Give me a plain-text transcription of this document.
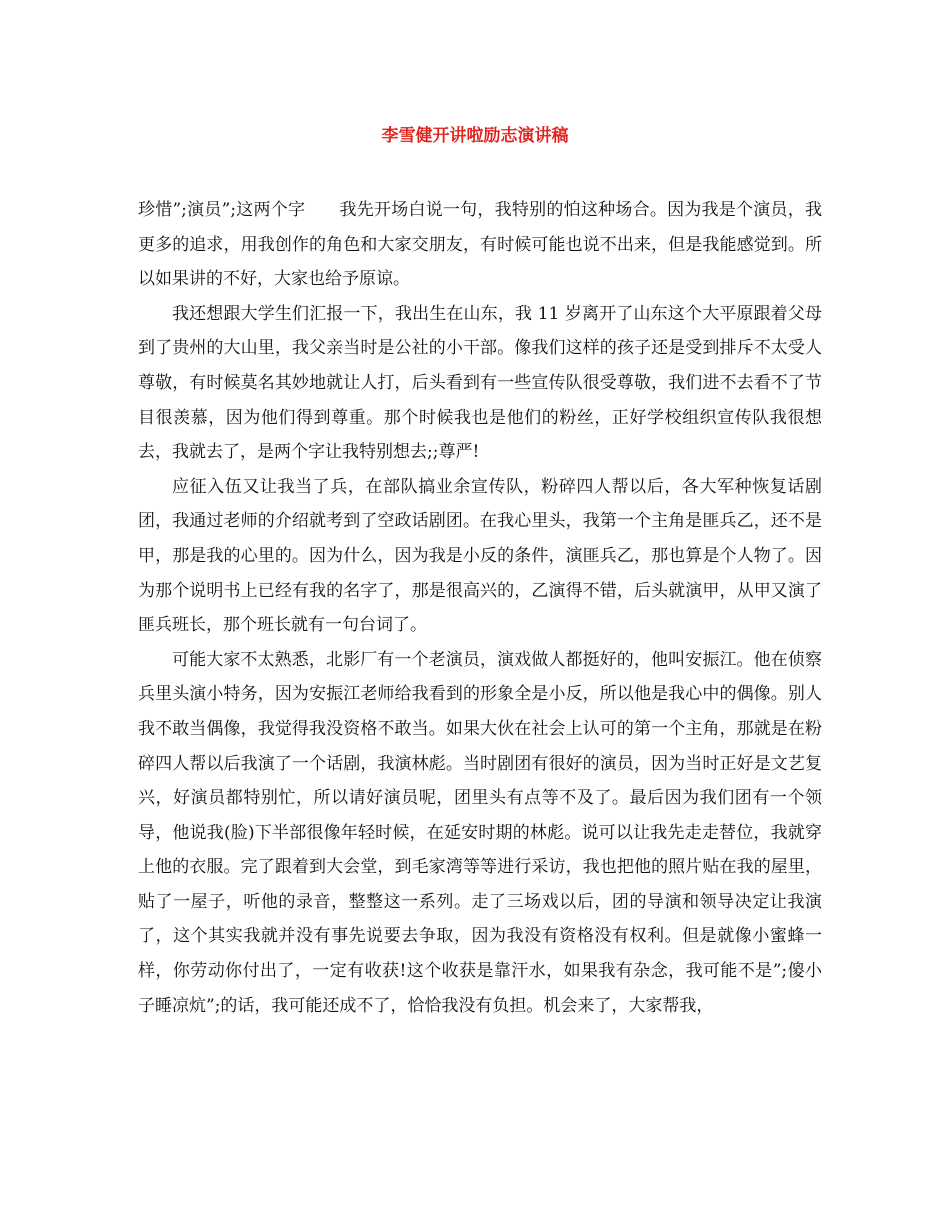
李雪健开讲啦励志演讲稿

珍惜”;演员”;这两个字 我先开场白说一句，我特别的怕这种场合。因为我是个演员，我更多的追求，用我创作的角色和大家交朋友，有时候可能也说不出来，但是我能感觉到。所以如果讲的不好，大家也给予原谅。

我还想跟大学生们汇报一下，我出生在山东，我 11 岁离开了山东这个大平原跟着父母到了贵州的大山里，我父亲当时是公社的小干部。像我们这样的孩子还是受到排斥不太受人尊敬，有时候莫名其妙地就让人打，后头看到有一些宣传队很受尊敬，我们进不去看不了节目很羡慕，因为他们得到尊重。那个时候我也是他们的粉丝，正好学校组织宣传队我很想去，我就去了，是两个字让我特别想去;;尊严!

应征入伍又让我当了兵，在部队搞业余宣传队，粉碎四人帮以后，各大军种恢复话剧团，我通过老师的介绍就考到了空政话剧团。在我心里头，我第一个主角是匪兵乙，还不是甲，那是我的心里的。因为什么，因为我是小反的条件，演匪兵乙，那也算是个人物了。因为那个说明书上已经有我的名字了，那是很高兴的，乙演得不错，后头就演甲，从甲又演了匪兵班长，那个班长就有一句台词了。

可能大家不太熟悉，北影厂有一个老演员，演戏做人都挺好的，他叫安振江。他在侦察兵里头演小特务，因为安振江老师给我看到的形象全是小反，所以他是我心中的偶像。别人我不敢当偶像，我觉得我没资格不敢当。如果大伙在社会上认可的第一个主角，那就是在粉碎四人帮以后我演了一个话剧，我演林彪。当时剧团有很好的演员，因为当时正好是文艺复兴，好演员都特别忙，所以请好演员呢，团里头有点等不及了。最后因为我们团有一个领导，他说我(脸)下半部很像年轻时候，在延安时期的林彪。说可以让我先走走替位，我就穿上他的衣服。完了跟着到大会堂，到毛家湾等等进行采访，我也把他的照片贴在我的屋里，贴了一屋子，听他的录音，整整这一系列。走了三场戏以后，团的导演和领导决定让我演了，这个其实我就并没有事先说要去争取，因为我没有资格没有权利。但是就像小蜜蜂一样，你劳动你付出了，一定有收获!这个收获是靠汗水，如果我有杂念，我可能不是”;傻小子睡凉炕”;的话，我可能还成不了，恰恰我没有负担。机会来了，大家帮我，
